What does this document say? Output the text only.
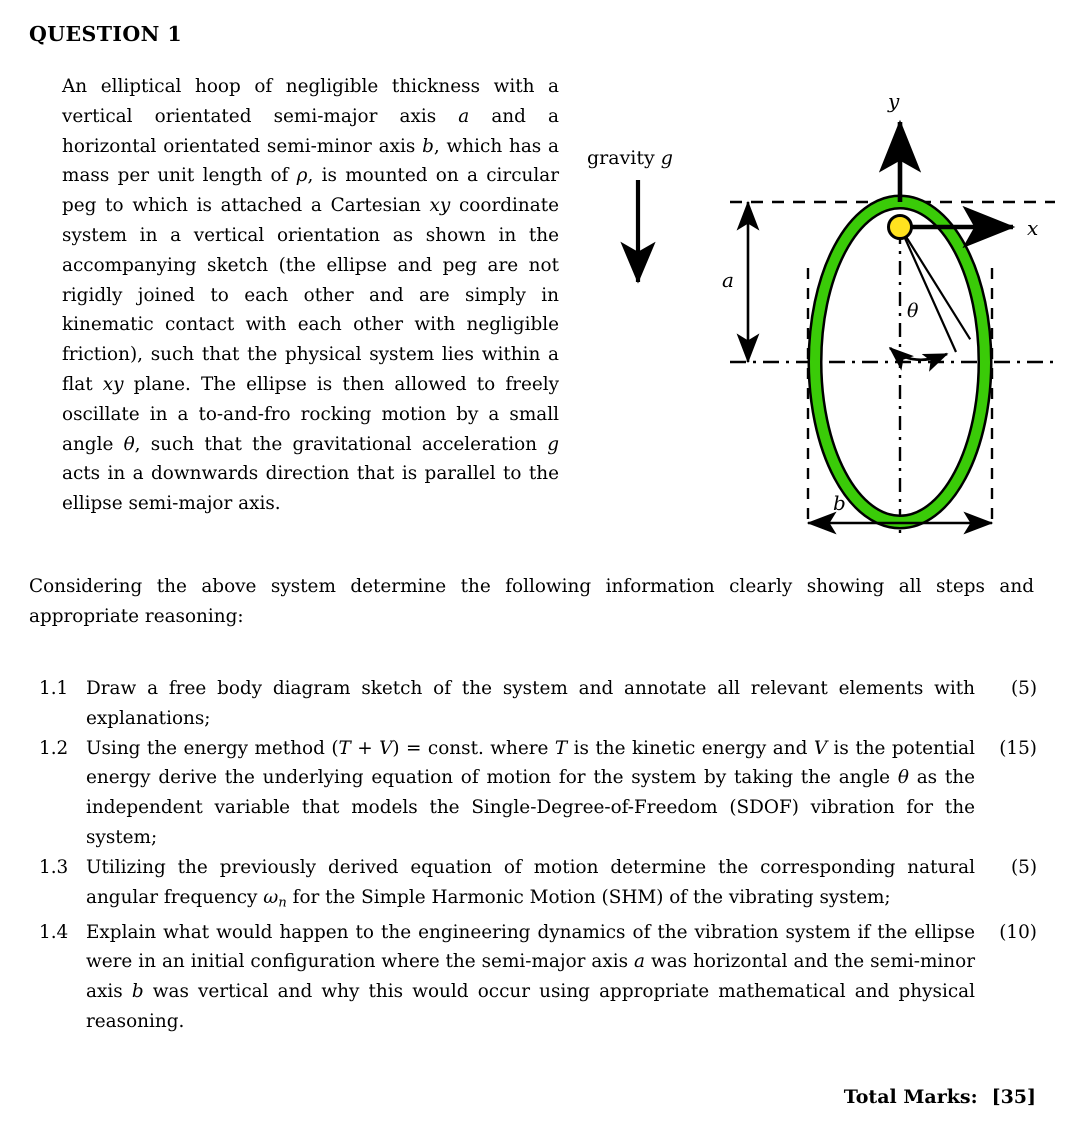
QUESTION 1

An elliptical hoop of negligible thickness with a vertical orientated semi-major axis a and a horizontal orientated semi-minor axis b, which has a mass per unit length of ρ, is mounted on a circular peg to which is attached a Carte​sian xy coordinate system in a vertical orienta​tion as shown in the accompanying sketch (the ellipse and peg are not rigidly joined to each other and are simply in kinematic contact with each other with negligible friction), such that the physical system lies within a flat xy plane. The ellipse is then allowed to freely oscillate in a to-and-fro rocking motion by a small angle θ, such that the gravitational acceleration g acts in a downwards direction that is parallel to the ellipse semi-major axis.

gravity g
y
x
θ
a
b

Considering the above system determine the following information clearly showing all steps and appropriate reasoning:

1.1 Draw a free body diagram sketch of the system and annotate all relevant elements with explanations;
(5)
1.2 Using the energy method (T + V) = const. where T is the kinetic energy and V is the potential energy derive the underlying equation of motion for the system by taking the angle θ as the independent variable that models the Single-Degree-of-Freedom (SDOF) vibration for the system;
(15)
1.3 Utilizing the previously derived equation of motion determine the corresponding natural angular frequency $\omega_n$ for the Simple Harmonic Motion (SHM) of the vibrating system;
(5)
1.4 Explain what would happen to the engineering dynamics of the vibration system if the ellipse were in an initial configuration where the semi-major axis a was horizontal and the semi-minor axis b was vertical and why this would occur using appropriate mathematical and physical reasoning.
(10)
Total Marks: [35]
